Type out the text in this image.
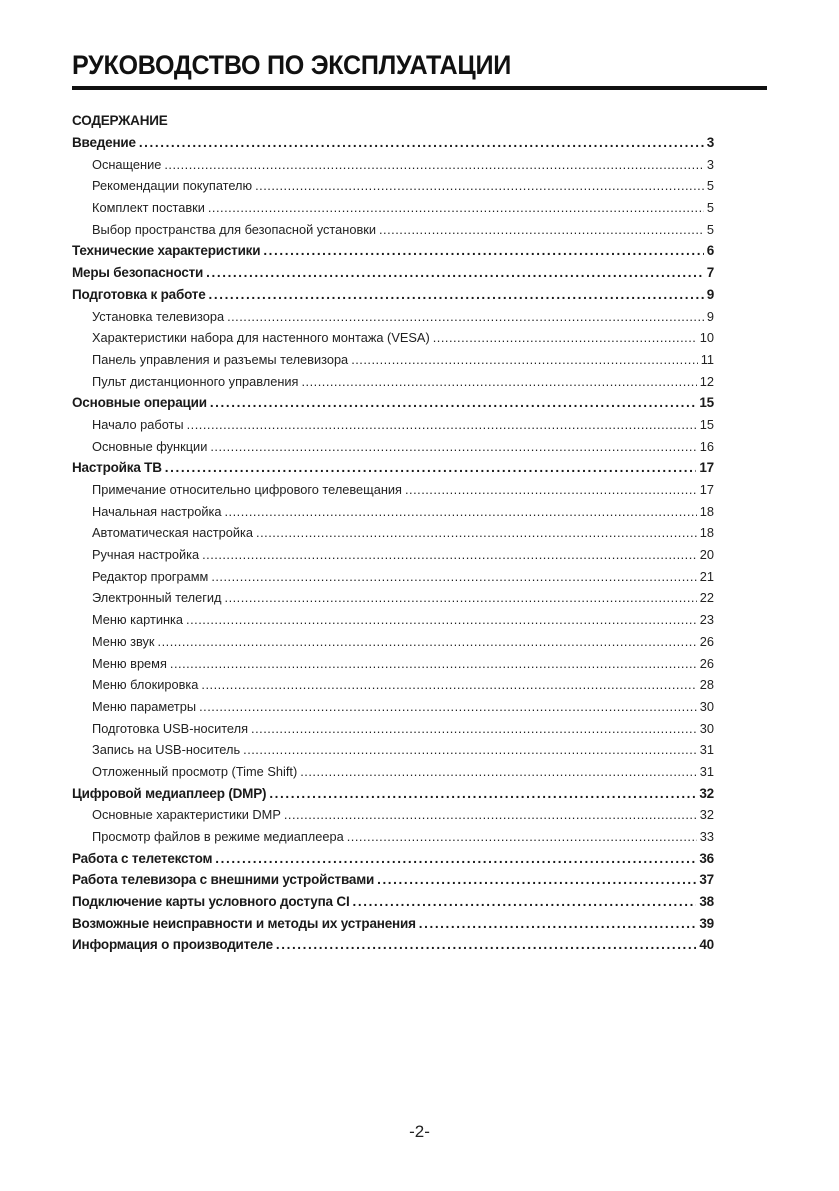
РУКОВОДСТВО ПО ЭКСПЛУАТАЦИИ
СОДЕРЖАНИЕ
Введение .....	3
Оснащение .....	3
Рекомендации покупателю .....	5
Комплект поставки .....	5
Выбор пространства для безопасной установки .....	5
Технические характеристики .....	6
Меры безопасности .....	7
Подготовка к работе .....	9
Установка телевизора .....	9
Характеристики набора для настенного монтажа (VESA) .....	10
Панель управления и разъемы телевизора .....	11
Пульт дистанционного управления .....	12
Основные операции .....	15
Начало работы .....	15
Основные функции .....	16
Настройка ТВ .....	17
Примечание относительно цифрового телевещания .....	17
Начальная настройка .....	18
Автоматическая настройка .....	18
Ручная настройка .....	20
Редактор программ .....	21
Электронный телегид .....	22
Меню картинка .....	23
Меню звук .....	26
Меню время .....	26
Меню блокировка .....	28
Меню параметры .....	30
Подготовка USB-носителя .....	30
Запись на USB-носитель .....	31
Отложенный просмотр (Time Shift) .....	31
Цифровой медиаплеер (DMP) .....	32
Основные характеристики DMP .....	32
Просмотр файлов в режиме медиаплеера .....	33
Работа с телетекстом .....	36
Работа телевизора с внешними устройствами .....	37
Подключение карты условного доступа CI .....	38
Возможные неисправности и методы их устранения .....	39
Информация о производителе .....	40
-2-
